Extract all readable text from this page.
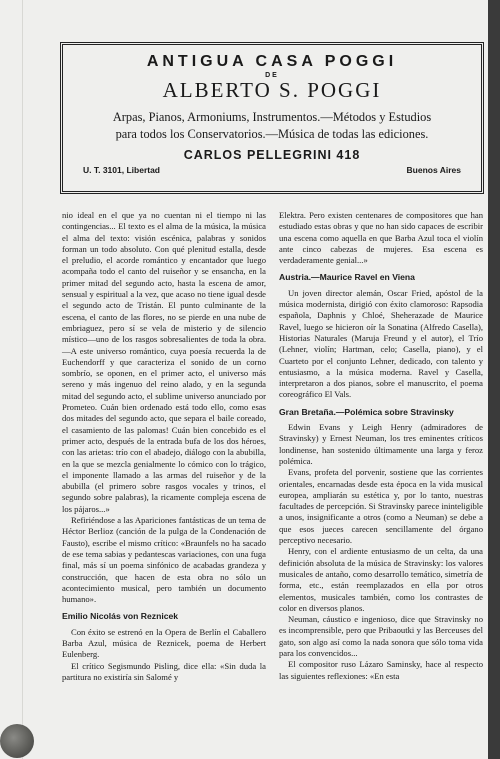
ANTIGUA CASA POGGI
DE
ALBERTO S. POGGI
Arpas, Pianos, Armoniums, Instrumentos.—Métodos y Estudios
para todos los Conservatorios.—Música de todas las ediciones.
CARLOS PELLEGRINI 418
U. T. 3101, Libertad	Buenos Aires

nio ideal en el que ya no cuentan ni el tiempo ni las contingencias... El texto es el alma de la música, la música el alma del texto: visión escénica, palabras y sonidos forman un todo absoluto. Con qué plenitud estalla, desde el preludio, el acorde romántico y encantador que luego acompaña todo el canto del ruiseñor y se ensancha, en la primer mitad del segundo acto, hasta la escena de amor, sensual y espiritual a la vez, que acaso no tiene igual desde el segundo acto de Tristán. El punto culminante de la escena, el canto de las flores, no se pierde en una nube de embriaguez, pero sí se vela de misterio y de silencio místico—uno de los rasgos sobresalientes de toda la obra.—A este universo romántico, cuya poesía recuerda la de Euchendorff y que caracteriza el sonido de un corno sombrío, se oponen, en el primer acto, el universo más sereno y más ingenuo del reino alado, y en la segunda mitad del segundo acto, el sublime universo anunciado por Prometeo. Cuán bien ordenado está todo ello, como esas dos mitades del segundo acto, que separa el baile coreado, el casamiento de las palomas! Cuán bien concebido es el primer acto, después de la entrada bufa de los dos héroes, con las arietas: trío con el abadejo, diálogo con la abubilla, en la que se mezcla genialmente lo cómico con lo trágico, el imponente llamado a las armas del ruiseñor y de la abubilla (el primero sobre rasgos vocales y trinos, el segundo sobre palabras), la ricamente compleja escena de los pájaros...»

Refiriéndose a las Apariciones fantásticas de un tema de Héctor Berlioz (canción de la pulga de la Condenación de Fausto), escribe el mismo crítico: «Braunfels no ha sacado de ese tema sabias y pedantescas variaciones, con una fuga final, más sí un poema sinfónico de acabadas grandeza y construcción, que hacen de esta obra no sólo un acontecimiento musical, pero también un documento humano».

Emilio Nicolás von Reznicek

Con éxito se estrenó en la Opera de Berlín el Caballero Barba Azul, música de Reznicek, poema de Herbert Eulenberg.

El crítico Segismundo Pisling, dice ella: «Sin duda la partitura no existiría sin Salomé y

Elektra. Pero existen centenares de compositores que han estudiado estas obras y que no han sido capaces de escribir una escena como aquella en que Barba Azul toca el violín ante cinco cabezas de mujeres. Esa escena es verdaderamente genial...»

Austria.—Maurice Ravel en Viena

Un joven director alemán, Oscar Fried, apóstol de la música modernista, dirigió con éxito clamoroso: Rapsodia española, Daphnis y Chloé, Sheherazade de Maurice Ravel, luego se hicieron oír la Sonatina (Alfredo Casella), Historias Naturales (Maruja Freund y el autor), el Trío (Lehner, violín; Hartman, celo; Casella, piano), y el Cuarteto por el conjunto Lehner, dedicado, con talento y entusiasmo, a la música moderna. Ravel y Casella, interpretaron a dos pianos, sobre el manuscrito, el poema coreográfico El Vals.

Gran Bretaña.—Polémica sobre Stravinsky

Edwin Evans y Leigh Henry (admiradores de Stravinsky) y Ernest Neuman, los tres eminentes críticos londinense, han sostenido últimamente una larga y feroz polémica.

Evans, profeta del porvenir, sostiene que las corrientes orientales, encarnadas desde esta época en la vida musical europea, ampliarán su estética y, por lo tanto, nuestras facultades de percepción. Si Stravinsky parece ininteligible a unos, insignificante a otros (como a Neuman) se debe a que esos jueces carecen sencillamente del órgano perceptivo necesario.

Henry, con el ardiente entusiasmo de un celta, da una definición absoluta de la música de Stravinsky: los valores musicales de antaño, como desarrollo temático, simetría de forma, etc., están reemplazados en ella por otros elementos, musicales también, como los contrastes de color en diversos planos.

Neuman, cáustico e ingenioso, dice que Stravinsky no es incomprensible, pero que Pribaoutki y las Berceuses del gato, son algo así como la nada sonora que sólo toma vida para los convencidos...

El compositor ruso Lázaro Saminsky, hace al respecto las siguientes reflexiones: «En esta
